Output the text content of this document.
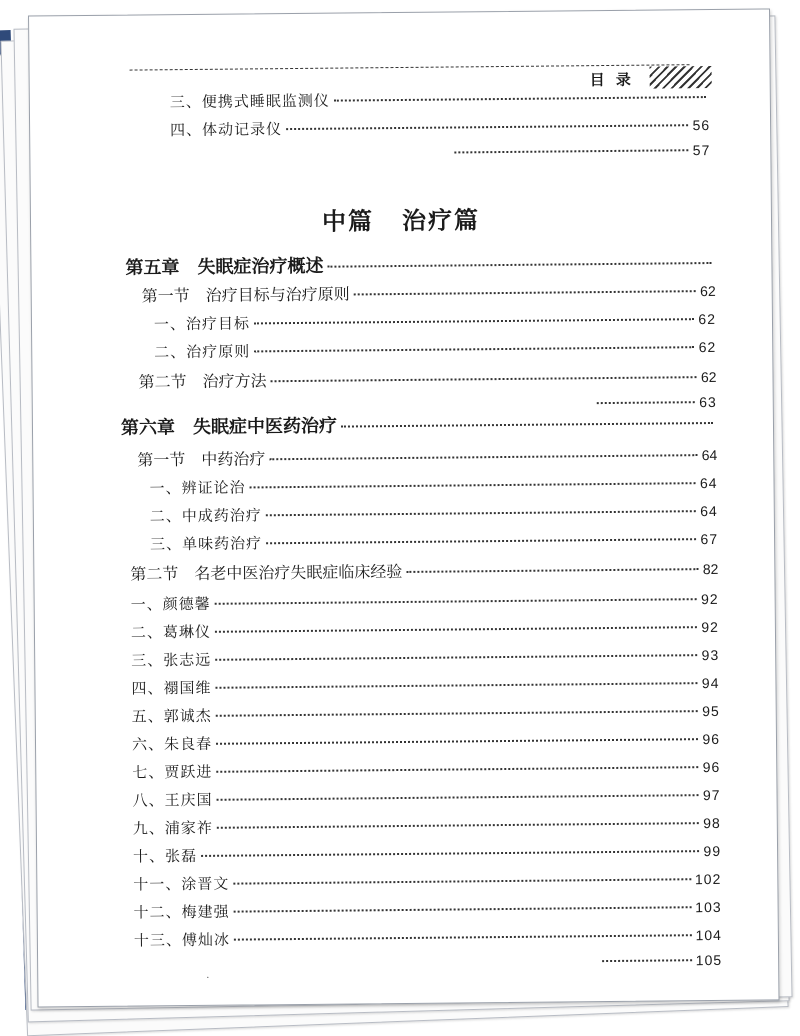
目 录
三、便携式睡眠监测仪
四、体动记录仪	56
57
中篇 治疗篇
第五章　失眠症治疗概述
第一节　治疗目标与治疗原则	62
一、治疗目标	62
二、治疗原则	62
第二节　治疗方法	62
63
第六章　失眠症中医药治疗
第一节　中药治疗	64
一、辨证论治	64
二、中成药治疗	64
三、单味药治疗	67
第二节　名老中医治疗失眠症临床经验	82
一、颜德馨	92
二、葛琳仪	92
三、张志远	93
四、禤国维	94
五、郭诚杰	95
六、朱良春	96
七、贾跃进	96
八、王庆国	97
九、浦家祚	98
十、张磊	99
十一、涂晋文	102
十二、梅建强	103
十三、傅灿冰	104
105
·
